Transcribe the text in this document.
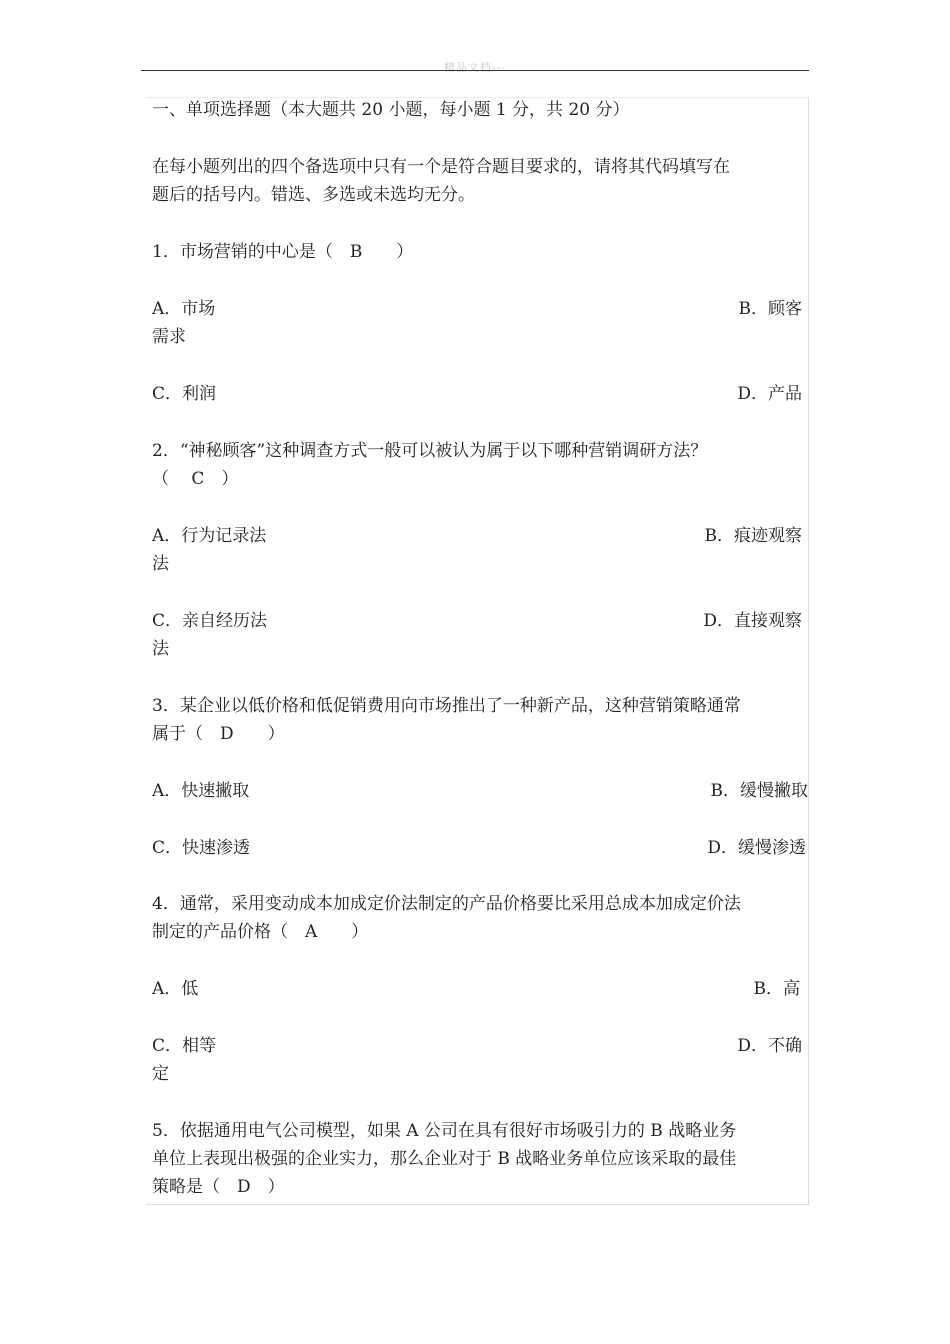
精品文档---
一、单项选择题（本大题共 20 小题，每小题 1 分，共 20 分）
在每小题列出的四个备选项中只有一个是符合题目要求的，请将其代码填写在
题后的括号内。错选、多选或未选均无分。
1．市场营销的中心是（　B　　）
A．市场	B．顾客
需求
C．利润	D．产品
2．“神秘顾客”这种调查方式一般可以被认为属于以下哪种营销调研方法？
（　 C　）
A．行为记录法	B．痕迹观察
法
C．亲自经历法	D．直接观察
法
3．某企业以低价格和低促销费用向市场推出了一种新产品，这种营销策略通常
属于（　D　　）
A．快速撇取	B．缓慢撇取
C．快速渗透	D．缓慢渗透
4．通常，采用变动成本加成定价法制定的产品价格要比采用总成本加成定价法
制定的产品价格（　A　　）
A．低	B．高
C．相等	D．不确
定
5．依据通用电气公司模型，如果 A 公司在具有很好市场吸引力的 B 战略业务
单位上表现出极强的企业实力，那么企业对于 B 战略业务单位应该采取的最佳
策略是（　D　）
